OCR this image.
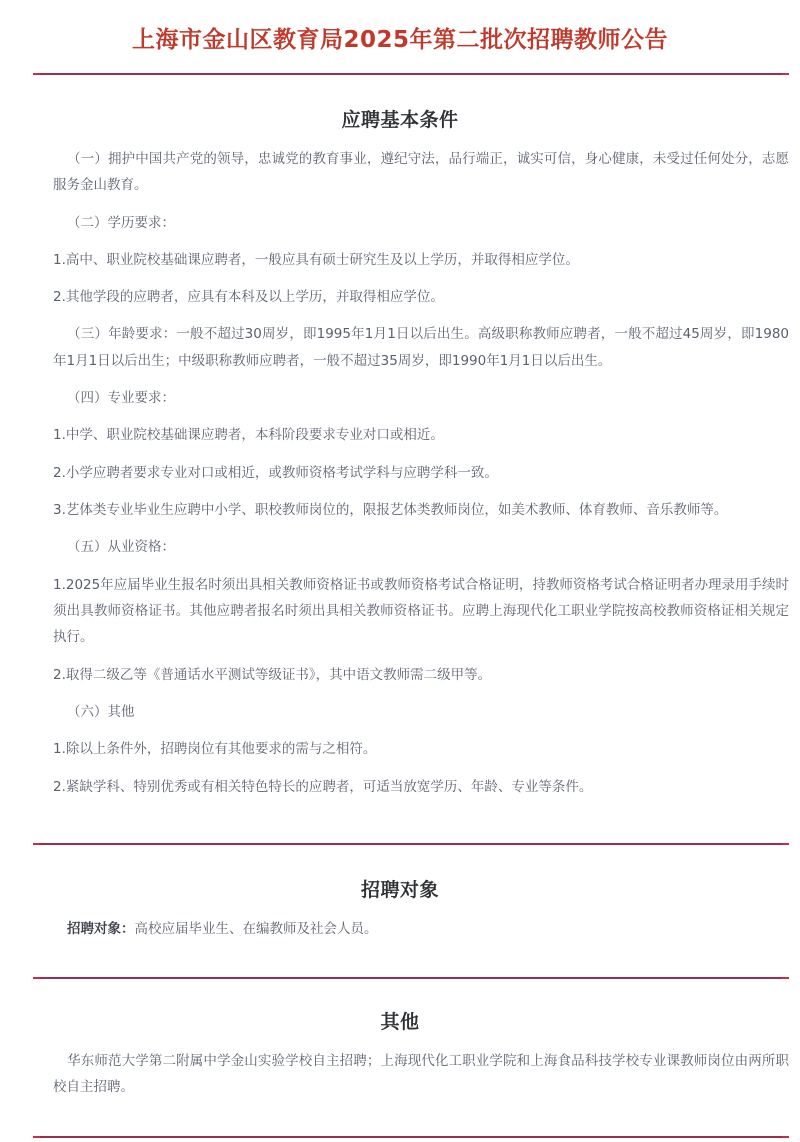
上海市金山区教育局2025年第二批次招聘教师公告
应聘基本条件

（一）拥护中国共产党的领导，忠诚党的教育事业，遵纪守法，品行端正，诚实可信，身心健康，未受过任何处分，志愿服务金山教育。

（二）学历要求：

1.高中、职业院校基础课应聘者，一般应具有硕士研究生及以上学历，并取得相应学位。

2.其他学段的应聘者，应具有本科及以上学历，并取得相应学位。

（三）年龄要求：一般不超过30周岁，即1995年1月1日以后出生。高级职称教师应聘者，一般不超过45周岁，即1980年1月1日以后出生；中级职称教师应聘者，一般不超过35周岁，即1990年1月1日以后出生。

（四）专业要求：

1.中学、职业院校基础课应聘者，本科阶段要求专业对口或相近。

2.小学应聘者要求专业对口或相近，或教师资格考试学科与应聘学科一致。

3.艺体类专业毕业生应聘中小学、职校教师岗位的，限报艺体类教师岗位，如美术教师、体育教师、音乐教师等。

（五）从业资格：

1.2025年应届毕业生报名时须出具相关教师资格证书或教师资格考试合格证明，持教师资格考试合格证明者办理录用手续时须出具教师资格证书。其他应聘者报名时须出具相关教师资格证书。应聘上海现代化工职业学院按高校教师资格证相关规定执行。

2.取得二级乙等《普通话水平测试等级证书》，其中语文教师需二级甲等。

（六）其他

1.除以上条件外，招聘岗位有其他要求的需与之相符。

2.紧缺学科、特别优秀或有相关特色特长的应聘者，可适当放宽学历、年龄、专业等条件。

招聘对象

招聘对象：高校应届毕业生、在编教师及社会人员。

其他

华东师范大学第二附属中学金山实验学校自主招聘；上海现代化工职业学院和上海食品科技学校专业课教师岗位由两所职校自主招聘。
